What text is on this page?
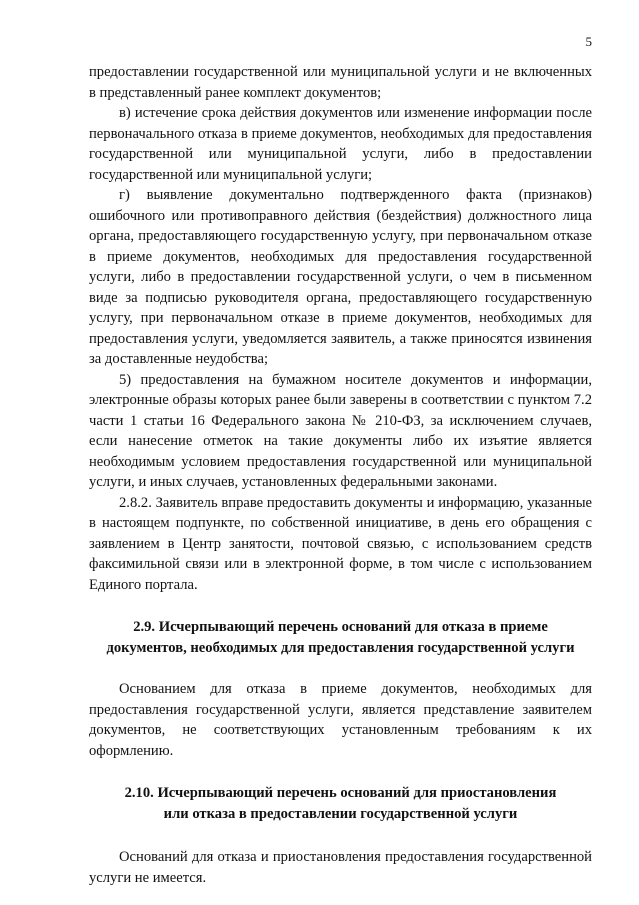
5

предоставлении государственной или муниципальной услуги и не включенных в представленный ранее комплект документов;

в) истечение срока действия документов или изменение информации после первоначального отказа в приеме документов, необходимых для предоставления государственной или муниципальной услуги, либо в предоставлении государственной или муниципальной услуги;

г) выявление документально подтвержденного факта (признаков) ошибочного или противоправного действия (бездействия) должностного лица органа, предоставляющего государственную услугу, при первоначальном отказе в приеме документов, необходимых для предоставления государственной услуги, либо в предоставлении государственной услуги, о чем в письменном виде за подписью руководителя органа, предоставляющего государственную услугу, при первоначальном отказе в приеме документов, необходимых для предоставления услуги, уведомляется заявитель, а также приносятся извинения за доставленные неудобства;

5) предоставления на бумажном носителе документов и информации, электронные образы которых ранее были заверены в соответствии с пунктом 7.2 части 1 статьи 16 Федерального закона № 210-ФЗ, за исключением случаев, если нанесение отметок на такие документы либо их изъятие является необходимым условием предоставления государственной или муниципальной услуги, и иных случаев, установленных федеральными законами.

2.8.2. Заявитель вправе предоставить документы и информацию, указанные в настоящем подпункте, по собственной инициативе, в день его обращения с заявлением в Центр занятости, почтовой связью, с использованием средств факсимильной связи или в электронной форме, в том числе с использованием Единого портала.

2.9. Исчерпывающий перечень оснований для отказа в приеме
документов, необходимых для предоставления государственной услуги

Основанием для отказа в приеме документов, необходимых для предоставления государственной услуги, является представление заявителем документов, не соответствующих установленным требованиям к их оформлению.

2.10. Исчерпывающий перечень оснований для приостановления
или отказа в предоставлении государственной услуги

Оснований для отказа и приостановления предоставления государственной услуги не имеется.
